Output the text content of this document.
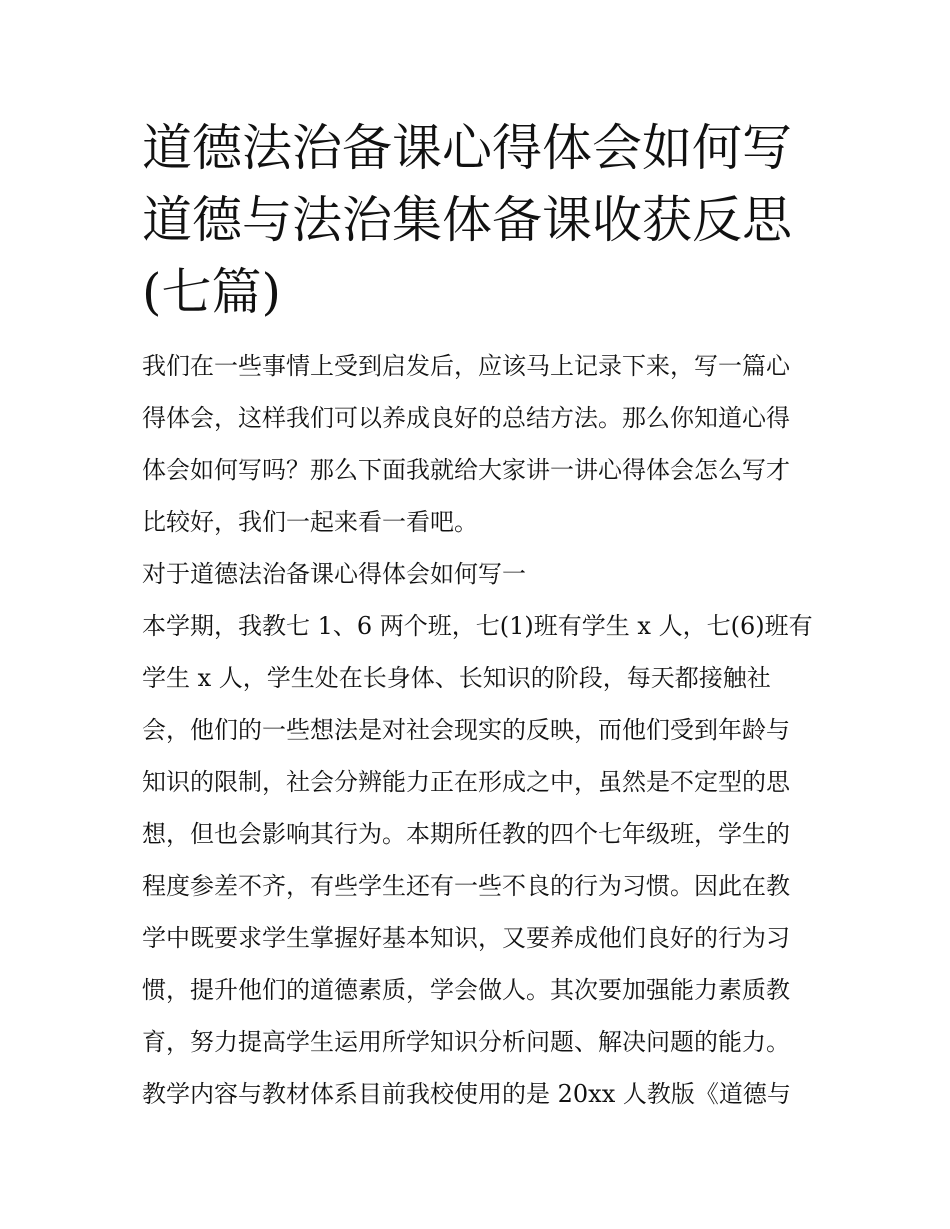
道德法治备课心得体会如何写
道德与法治集体备课收获反思
(七篇)

我们在一些事情上受到启发后，应该马上记录下来，写一篇心
得体会，这样我们可以养成良好的总结方法。那么你知道心得
体会如何写吗？那么下面我就给大家讲一讲心得体会怎么写才
比较好，我们一起来看一看吧。

对于道德法治备课心得体会如何写一

本学期，我教七 1、6 两个班，七(1)班有学生 x 人，七(6)班有
学生 x 人，学生处在长身体、长知识的阶段，每天都接触社
会，他们的一些想法是对社会现实的反映，而他们受到年龄与
知识的限制，社会分辨能力正在形成之中，虽然是不定型的思
想，但也会影响其行为。本期所任教的四个七年级班，学生的
程度参差不齐，有些学生还有一些不良的行为习惯。因此在教
学中既要求学生掌握好基本知识，又要养成他们良好的行为习
惯，提升他们的道德素质，学会做人。其次要加强能力素质教
育，努力提高学生运用所学知识分析问题、解决问题的能力。
教学内容与教材体系目前我校使用的是 20xx 人教版《道德与
